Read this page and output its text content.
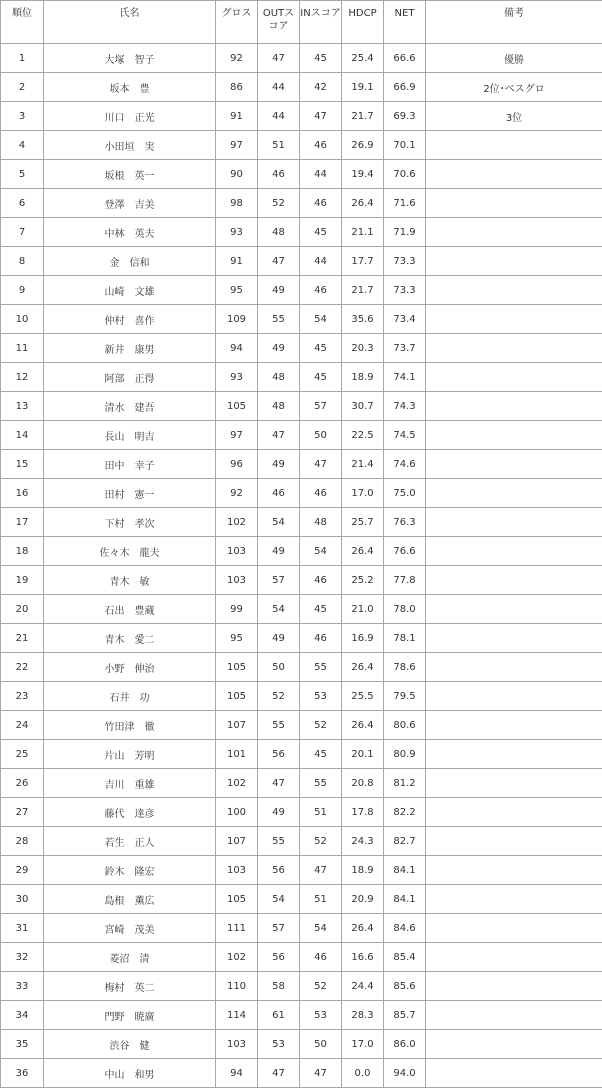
順位	氏名	グロス	OUTスコア	INスコア	HDCP	NET	備考
1	大塚　智子	92	47	45	25.4	66.6	優勝
2	坂本　豊	86	44	42	19.1	66.9	2位･ベスグロ
3	川口　正光	91	44	47	21.7	69.3	3位
4	小田垣　実	97	51	46	26.9	70.1	
5	坂根　英一	90	46	44	19.4	70.6	
6	登澤　吉美	98	52	46	26.4	71.6	
7	中林　英夫	93	48	45	21.1	71.9	
8	金　信和	91	47	44	17.7	73.3	
9	山崎　文雄	95	49	46	21.7	73.3	
10	仲村　喜作	109	55	54	35.6	73.4	
11	新井　康男	94	49	45	20.3	73.7	
12	阿部　正得	93	48	45	18.9	74.1	
13	清水　建吾	105	48	57	30.7	74.3	
14	長山　明吉	97	47	50	22.5	74.5	
15	田中　幸子	96	49	47	21.4	74.6	
16	田村　憲一	92	46	46	17.0	75.0	
17	下村　孝次	102	54	48	25.7	76.3	
18	佐々木　龍夫	103	49	54	26.4	76.6	
19	青木　敏	103	57	46	25.2	77.8	
20	石出　豊蔵	99	54	45	21.0	78.0	
21	青木　愛二	95	49	46	16.9	78.1	
22	小野　伸治	105	50	55	26.4	78.6	
23	石井　功	105	52	53	25.5	79.5	
24	竹田津　徹	107	55	52	26.4	80.6	
25	片山　芳明	101	56	45	20.1	80.9	
26	吉川　重雄	102	47	55	20.8	81.2	
27	藤代　達彦	100	49	51	17.8	82.2	
28	若生　正人	107	55	52	24.3	82.7	
29	鈴木　隆宏	103	56	47	18.9	84.1	
30	島根　薫広	105	54	51	20.9	84.1	
31	宮崎　茂美	111	57	54	26.4	84.6	
32	菱沼　清	102	56	46	16.6	85.4	
33	梅村　英二	110	58	52	24.4	85.6	
34	門野　暁廣	114	61	53	28.3	85.7	
35	渋谷　健	103	53	50	17.0	86.0	
36	中山　和男	94	47	47	0.0	94.0	
